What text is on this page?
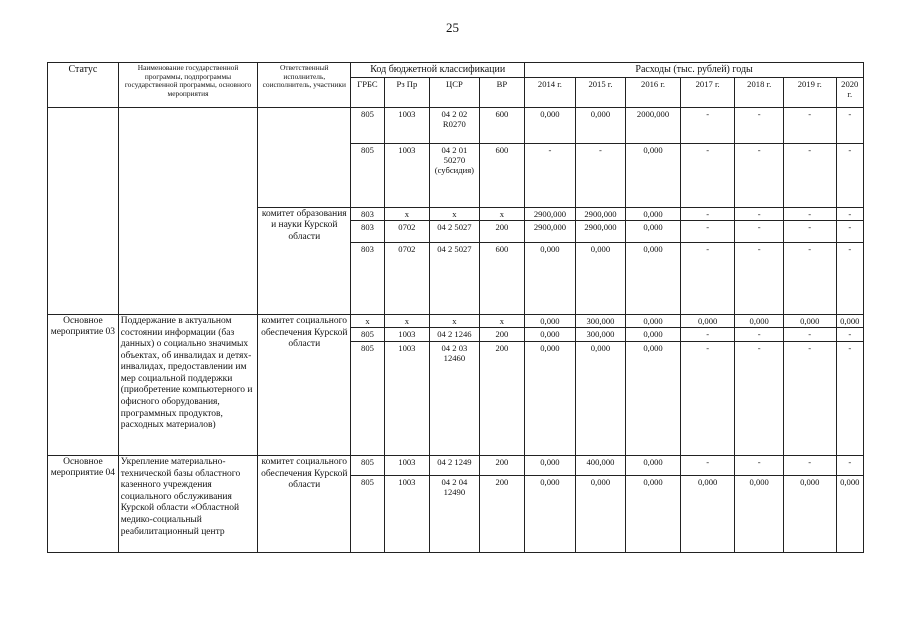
25
Статус	Наименование государственной программы, подпрограммы государственной программы, основного мероприятия	Ответственный исполнитель, соисполнитель, участники	Код бюджетной классификации				Расходы (тыс. рублей) годы						
			ГРБС	Рз Пр	ЦСР	ВР	2014 г.	2015 г.	2016 г.	2017 г.	2018 г.	2019 г.	2020 г.
			805	1003	04 2 02 R0270	600	0,000	0,000	2000,000	-	-	-	-
			805	1003	04 2 01 50270 (субсидия)	600	-	-	0,000	-	-	-	-
		комитет образования и науки Курской области	803	x	x	x	2900,000	2900,000	0,000	-	-	-	-
			803	0702	04 2 5027	200	2900,000	2900,000	0,000	-	-	-	-
			803	0702	04 2 5027	600	0,000	0,000	0,000	-	-	-	-
Основное мероприятие 03	Поддержание в актуальном состоянии информации (баз данных) о социально значимых объектах, об инвалидах и детях-инвалидах, предоставлении им мер социальной поддержки (приобретение компьютерного и офисного оборудования, программных продуктов, расходных материалов)	комитет социального обеспечения Курской области	x	x	x	x	0,000	300,000	0,000	0,000	0,000	0,000	0,000
			805	1003	04 2 1246	200	0,000	300,000	0,000	-	-	-	-
			805	1003	04 2 03 12460	200	0,000	0,000	0,000	-	-	-	-
Основное мероприятие 04	Укрепление материально-технической базы областного казенного учреждения социального обслуживания Курской области «Областной медико-социальный реабилитационный центр	комитет социального обеспечения Курской области	805	1003	04 2 1249	200	0,000	400,000	0,000	-	-	-	-
			805	1003	04 2 04 12490	200	0,000	0,000	0,000	0,000	0,000	0,000	0,000
